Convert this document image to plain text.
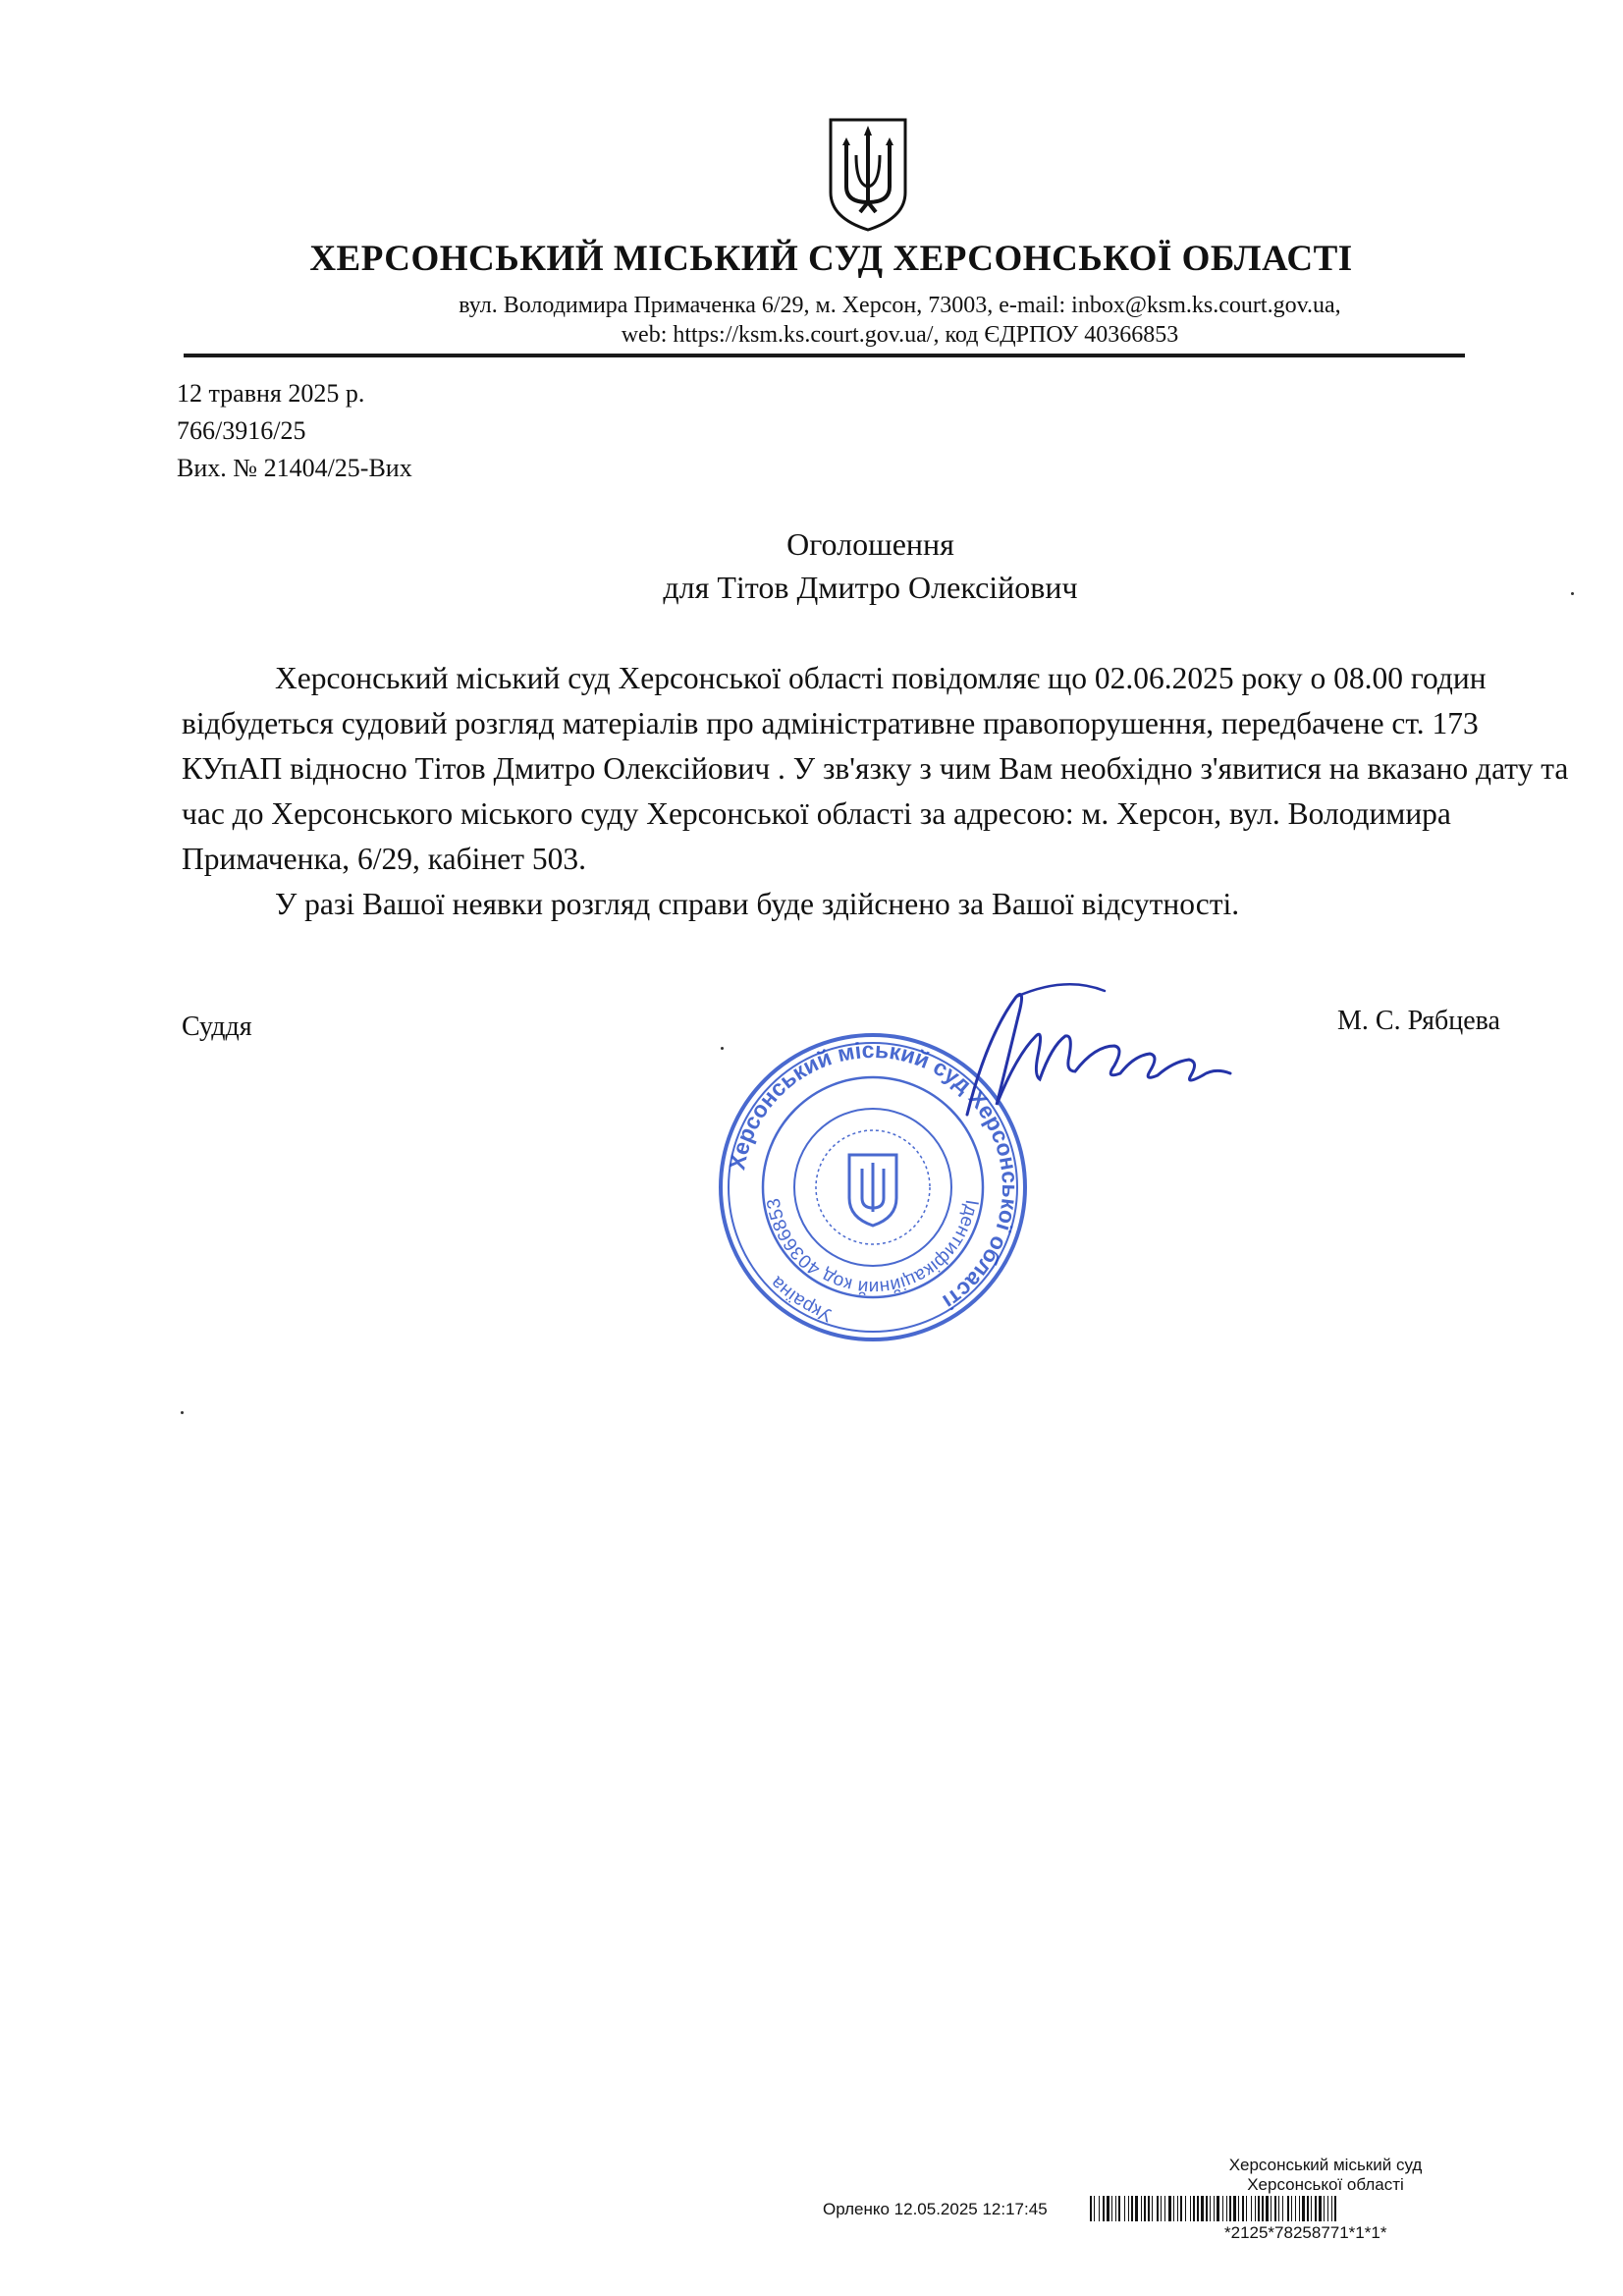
ХЕРСОНСЬКИЙ МІСЬКИЙ СУД ХЕРСОНСЬКОЇ ОБЛАСТІ
вул. Володимира Примаченка 6/29, м. Херсон, 73003, e-mail: inbox@ksm.ks.court.gov.ua,
web: https://ksm.ks.court.gov.ua/, код ЄДРПОУ 40366853
12 травня 2025 р.
766/3916/25
Вих. № 21404/25-Вих
Оголошення
для Тітов Дмитро Олексійович

Херсонський міський суд Херсонської області повідомляє що 02.06.2025 року о 08.00 годин відбудеться судовий розгляд матеріалів про адміністративне правопорушення, передбачене ст. 173 КУпАП відносно Тітов Дмитро Олексійович . У зв'язку з чим Вам необхідно з'явитися на вказано дату та час до Херсонського міського суду Херсонської області за адресою: м. Херсон, вул. Володимира Примаченка, 6/29, кабінет 503.

У разі Вашої неявки розгляд справи буде здійснено за Вашої відсутності.

Суддя	М. С. Рябцева
Херсонський міський суд Херсонської області
Ідентифікаційний код 40366853
Україна
Херсонський міський суд
Херсонської області
Орленко 12.05.2025 12:17:45
*2125*78258771*1*1*
